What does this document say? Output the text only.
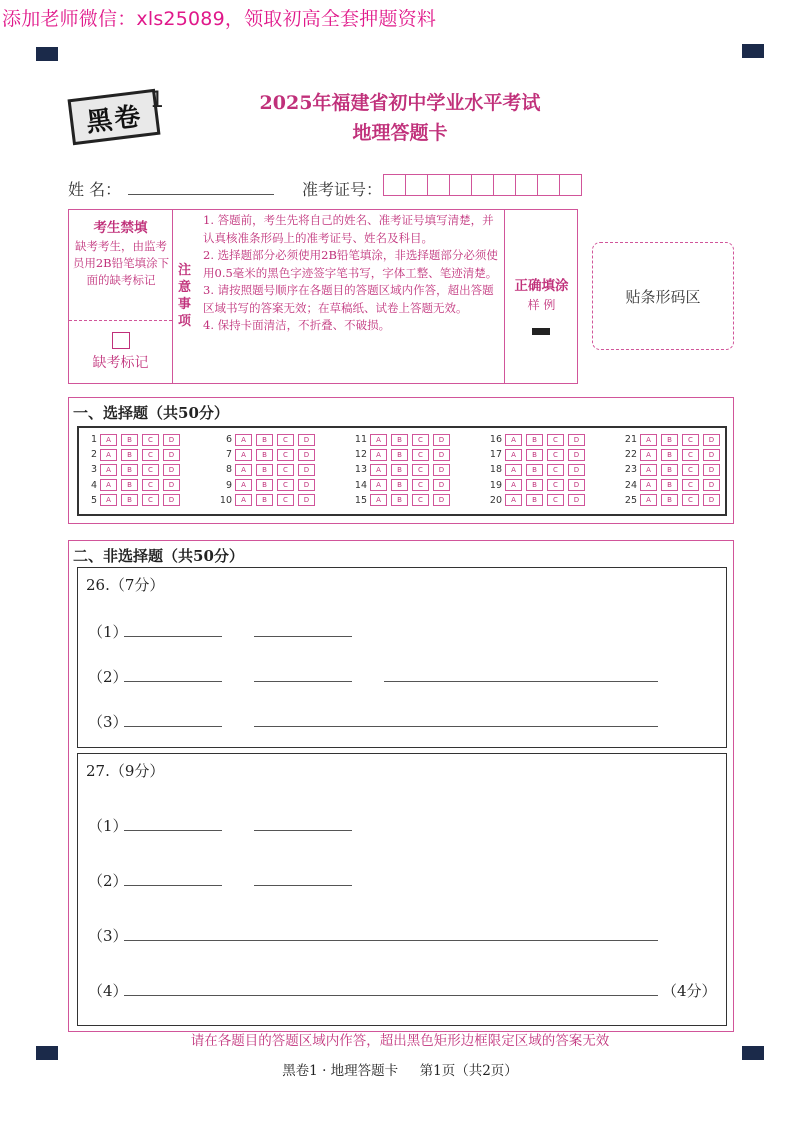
添加老师微信：xls25089，领取初高全套押题资料
黑卷
1	2025年福建省初中学业水平考试
地理答题卡
姓 名：	准考证号：
考生禁填
缺考考生，由监考员用2B铅笔填涂下面的缺考标记
缺考标记
注意事项
1. 答题前，考生先将自己的姓名、准考证号填写清楚，并认真核准条形码上的准考证号、姓名及科目。
2. 选择题部分必须使用2B铅笔填涂，非选择题部分必须使用0.5毫米的黑色字迹签字笔书写，字体工整、笔迹清楚。
3. 请按照题号顺序在各题目的答题区域内作答，超出答题区域书写的答案无效；在草稿纸、试卷上答题无效。
4. 保持卡面清洁，不折叠、不破损。
正确填涂
样 例	贴条形码区
一、选择题（共50分）
1	A	B	C	D
2	A	B	C	D
3	A	B	C	D
4	A	B	C	D
5	A	B	C	D
6	A	B	C	D
7	A	B	C	D
8	A	B	C	D
9	A	B	C	D
10	A	B	C	D
11	A	B	C	D
12	A	B	C	D
13	A	B	C	D
14	A	B	C	D
15	A	B	C	D
16	A	B	C	D
17	A	B	C	D
18	A	B	C	D
19	A	B	C	D
20	A	B	C	D
21	A	B	C	D
22	A	B	C	D
23	A	B	C	D
24	A	B	C	D
25	A	B	C	D
二、非选择题（共50分）
26.（7分）
（1）
（2）
（3）
27.（9分）
（1）
（2）
（3）
（4）	（4分）
请在各题目的答题区域内作答，超出黑色矩形边框限定区域的答案无效
黑卷1 · 地理答题卡     第1页（共2页）
